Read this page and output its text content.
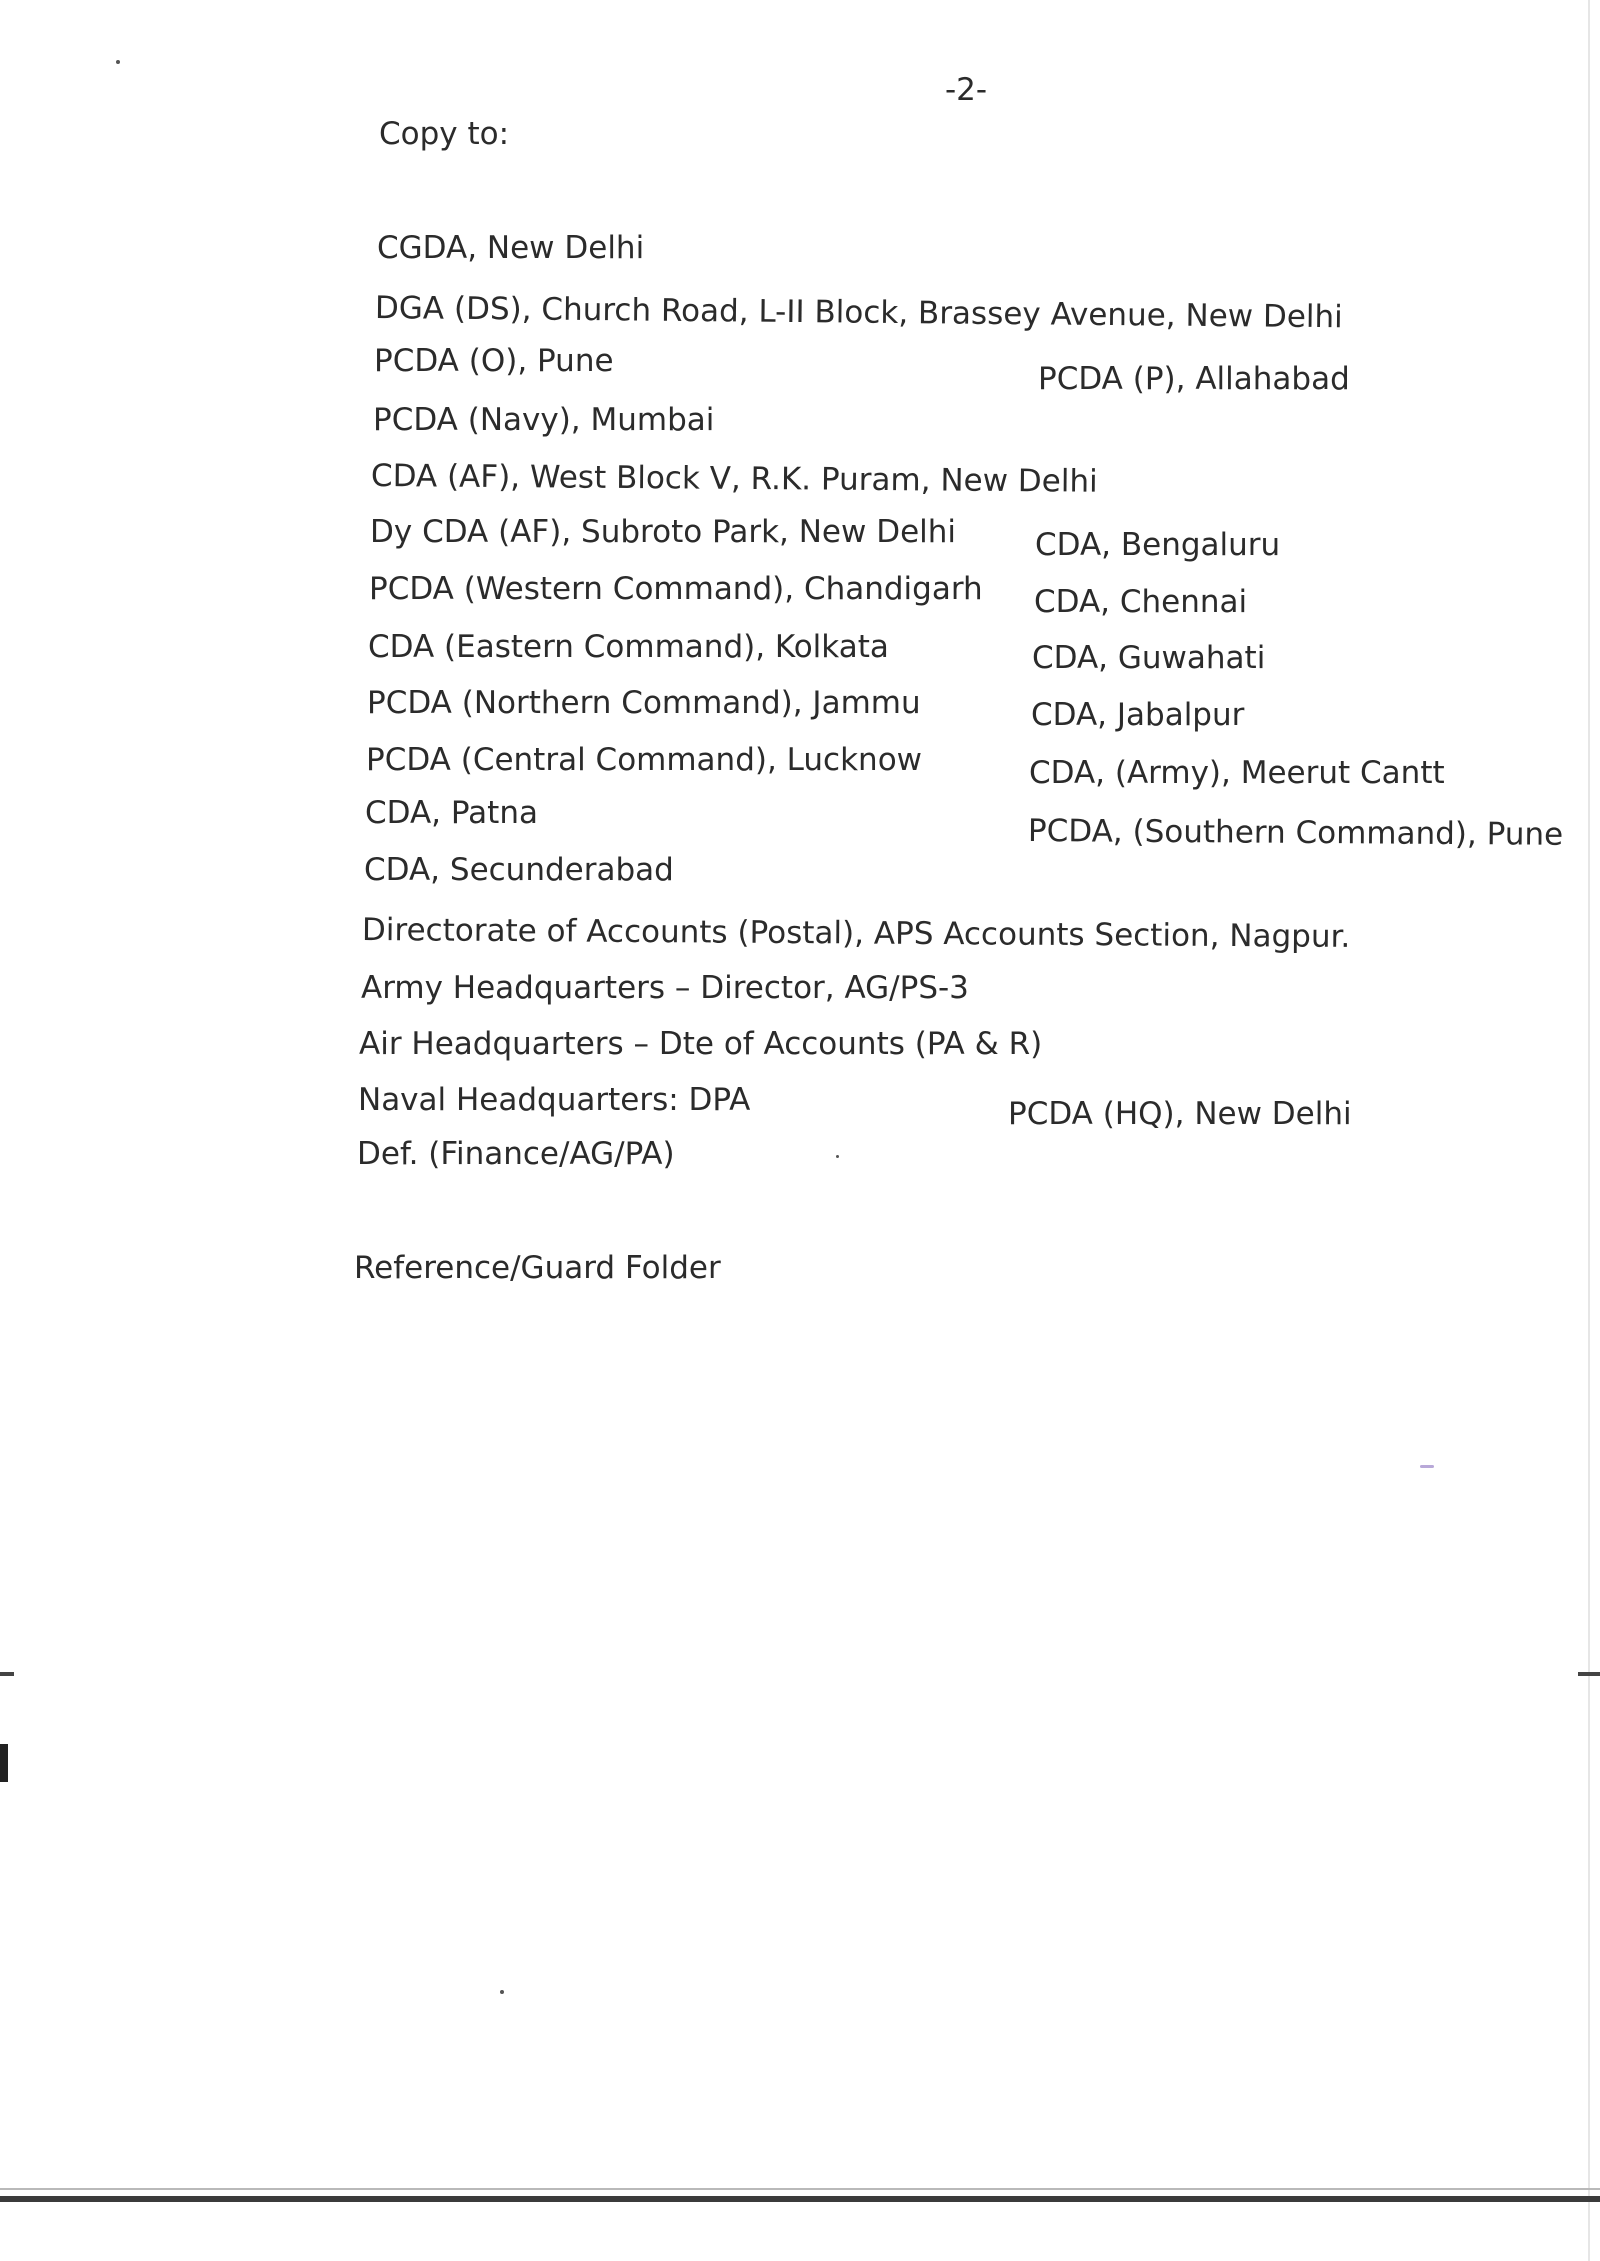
-2-
Copy to:
CGDA, New Delhi
DGA (DS), Church Road, L-II Block, Brassey Avenue, New Delhi
PCDA (O), Pune
PCDA (Navy), Mumbai
CDA (AF), West Block V, R.K. Puram, New Delhi
Dy CDA (AF), Subroto Park, New Delhi
PCDA (Western Command), Chandigarh
CDA (Eastern Command), Kolkata
PCDA (Northern Command), Jammu
PCDA (Central Command), Lucknow
CDA, Patna
CDA, Secunderabad
Directorate of Accounts (Postal), APS Accounts Section, Nagpur.
Army Headquarters – Director, AG/PS-3
Air Headquarters – Dte of Accounts (PA & R)
Naval Headquarters: DPA
Def. (Finance/AG/PA)
PCDA (P), Allahabad
CDA, Bengaluru
CDA, Chennai
CDA, Guwahati
CDA, Jabalpur
CDA, (Army), Meerut Cantt
PCDA, (Southern Command), Pune
PCDA (HQ), New Delhi
Reference/Guard Folder
